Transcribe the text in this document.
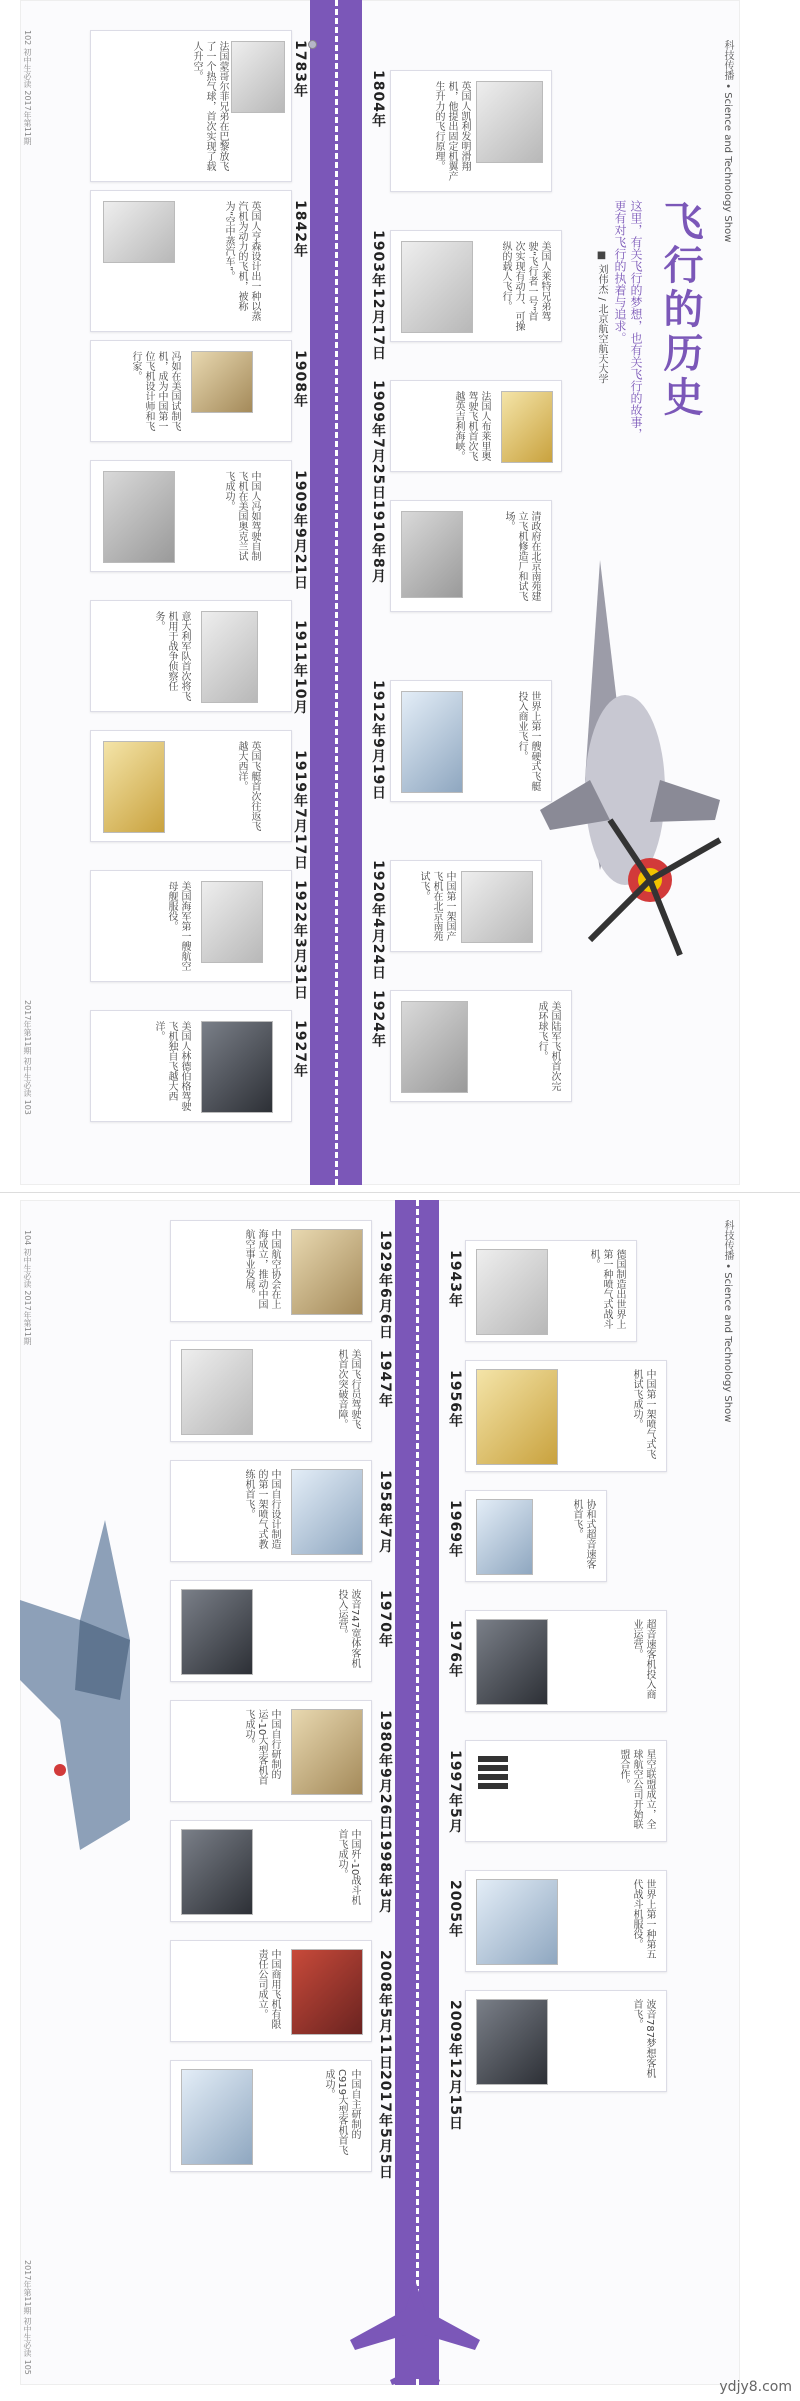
科技传播 • Science and Technology Show
飞行的历史
这里，有关飞行的梦想，也有关飞行的故事，
更有对飞行的执着与追求。
■ 刘伟杰 / 北京航空航天大学
102 初中生必读 2017年第11期
2017年第11期 初中生必读 103
法国蒙哥尔菲兄弟在巴黎放飞了一个热气球，首次实现了载人升空。	1783年
英国人亨森设计出一种以蒸汽机为动力的飞机，被称为“空中蒸汽车”。	1842年
冯如在美国试制飞机，成为中国第一位飞机设计师和飞行家。	1908年
中国人冯如驾驶自制飞机在美国奥克兰试飞成功。	1909年9月21日
意大利军队首次将飞机用于战争侦察任务。	1911年10月
英国飞艇首次往返飞越大西洋。	1919年7月17日
美国海军第一艘航空母舰服役。	1922年3月31日
美国人林德伯格驾驶飞机独自飞越大西洋。	1927年
1804年	英国人凯利发明滑翔机，他提出固定机翼产生升力的飞行原理。
1903年12月17日	美国人莱特兄弟驾驶“飞行者一号”首次实现有动力、可操纵的载人飞行。
1909年7月25日	法国人布莱里奥驾驶飞机首次飞越英吉利海峡。
1910年8月	清政府在北京南苑建立飞机修造厂和试飞场。
1912年9月19日	世界上第一艘硬式飞艇投入商业飞行。
1920年4月24日	中国第一架国产飞机在北京南苑试飞。
1924年	美国陆军飞机首次完成环球飞行。
科技传播 • Science and Technology Show
104 初中生必读 2017年第11期
2017年第11期 初中生必读 105
中国航空协会在上海成立，推动中国航空事业发展。	1929年6月6日
美国飞行员驾驶飞机首次突破音障。	1947年
中国自行设计制造的第一架喷气式教练机首飞。	1958年7月
波音747宽体客机投入运营。	1970年
中国自行研制的运-10大型客机首飞成功。	1980年9月26日
中国歼-10战斗机首飞成功。	1998年3月
中国商用飞机有限责任公司成立。	2008年5月11日
中国自主研制的C919大型客机首飞成功。	2017年5月5日
1943年	德国制造出世界上第一种喷气式战斗机。
1956年	中国第一架喷气式飞机试飞成功。
1969年	协和式超音速客机首飞。
1976年	超音速客机投入商业运营。
1997年5月	星空联盟成立，全球航空公司开始联盟合作。
2005年	世界上第一种第五代战斗机服役。
2009年12月15日	波音787梦想客机首飞。
ydjy8.com
